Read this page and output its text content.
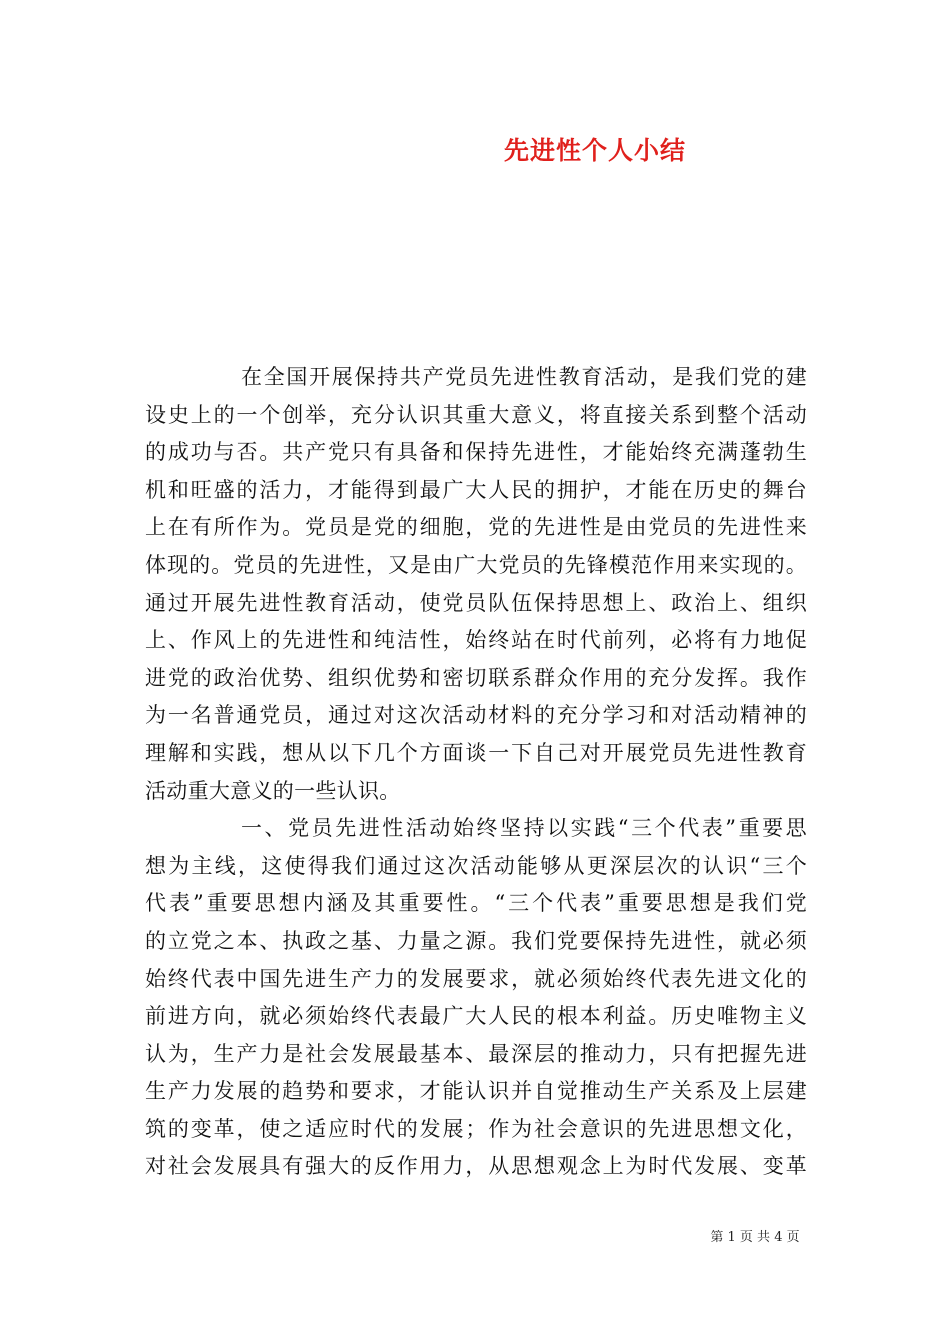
先进性个人小结
在全国开展保持共产党员先进性教育活动，是我们党的建
设史上的一个创举，充分认识其重大意义，将直接关系到整个活动
的成功与否。共产党只有具备和保持先进性，才能始终充满蓬勃生
机和旺盛的活力，才能得到最广大人民的拥护，才能在历史的舞台
上在有所作为。党员是党的细胞，党的先进性是由党员的先进性来
体现的。党员的先进性，又是由广大党员的先锋模范作用来实现的。
通过开展先进性教育活动，使党员队伍保持思想上、政治上、组织
上、作风上的先进性和纯洁性，始终站在时代前列，必将有力地促
进党的政治优势、组织优势和密切联系群众作用的充分发挥。我作
为一名普通党员，通过对这次活动材料的充分学习和对活动精神的
理解和实践，想从以下几个方面谈一下自己对开展党员先进性教育
活动重大意义的一些认识。
一、党员先进性活动始终坚持以实践“三个代表”重要思
想为主线，这使得我们通过这次活动能够从更深层次的认识“三个
代表”重要思想内涵及其重要性。“三个代表”重要思想是我们党
的立党之本、执政之基、力量之源。我们党要保持先进性，就必须
始终代表中国先进生产力的发展要求，就必须始终代表先进文化的
前进方向，就必须始终代表最广大人民的根本利益。历史唯物主义
认为，生产力是社会发展最基本、最深层的推动力，只有把握先进
生产力发展的趋势和要求，才能认识并自觉推动生产关系及上层建
筑的变革，使之适应时代的发展；作为社会意识的先进思想文化，
对社会发展具有强大的反作用力，从思想观念上为时代发展、变革
第 1 页 共 4 页
